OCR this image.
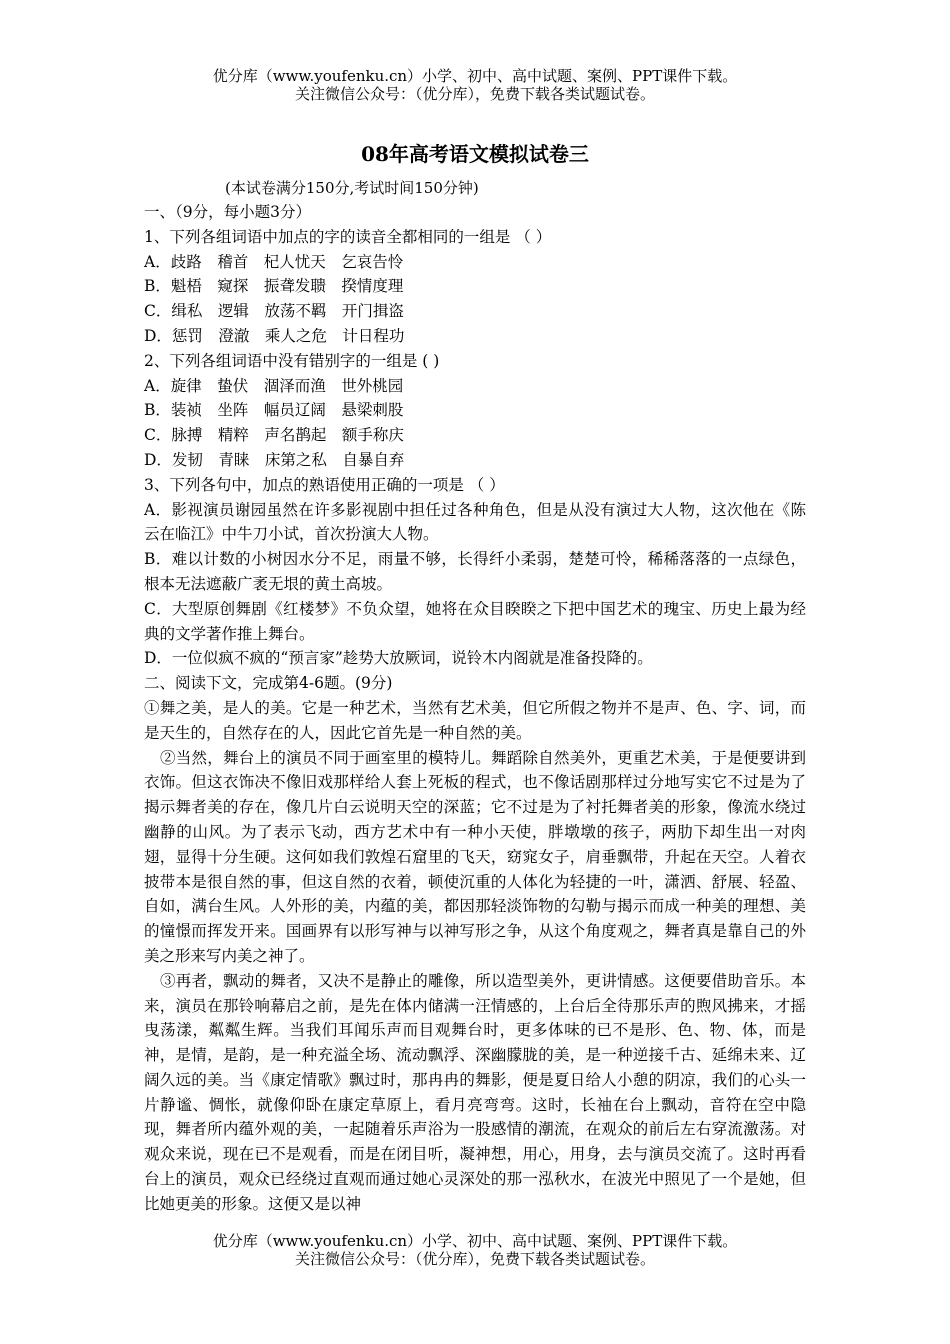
优分库（www.youfenku.cn）小学、初中、高中试题、案例、PPT课件下载。
关注微信公众号：（优分库），免费下载各类试题试卷。
08年高考语文模拟试卷三
(本试卷满分150分,考试时间150分钟)

一、（9分，每小题3分）

1、下列各组词语中加点的字的读音全都相同的一组是 （ ）

A．歧路　稽首　杞人忧天　乞哀告怜

B．魁梧　窥探　振聋发聩　揆情度理

C．缉私　逻辑　放荡不羁　开门揖盗

D．惩罚　澄澈　乘人之危　计日程功

2、下列各组词语中没有错别字的一组是 ( )

A．旋律　蛰伏　涸泽而渔　世外桃园

B．装祯　坐阵　幅员辽阔　悬梁刺股

C．脉搏　精粹　声名鹊起　额手称庆

D．发韧　青睐　床第之私　自暴自弃

3、下列各句中，加点的熟语使用正确的一项是 （ ）

A．影视演员谢园虽然在许多影视剧中担任过各种角色，但是从没有演过大人物，这次他在《陈云在临江》中牛刀小试，首次扮演大人物。

B．难以计数的小树因水分不足，雨量不够，长得纤小柔弱，楚楚可怜，稀稀落落的一点绿色，根本无法遮蔽广袤无垠的黄土高坡。

C．大型原创舞剧《红楼梦》不负众望，她将在众目睽睽之下把中国艺术的瑰宝、历史上最为经典的文学著作推上舞台。

D．一位似疯不疯的“预言家”趁势大放厥词，说铃木内阁就是准备投降的。

二、阅读下文，完成第4-6题。(9分)

①舞之美，是人的美。它是一种艺术，当然有艺术美，但它所假之物并不是声、色、字、词，而是天生的，自然存在的人，因此它首先是一种自然的美。

②当然，舞台上的演员不同于画室里的模特儿。舞蹈除自然美外，更重艺术美，于是便要讲到衣饰。但这衣饰决不像旧戏那样给人套上死板的程式，也不像话剧那样过分地写实它不过是为了揭示舞者美的存在，像几片白云说明天空的深蓝；它不过是为了衬托舞者美的形象，像流水绕过幽静的山风。为了表示飞动，西方艺术中有一种小天使，胖墩墩的孩子，两肋下却生出一对肉翅，显得十分生硬。这何如我们敦煌石窟里的飞天，窈窕女子，肩垂飘带，升起在天空。人着衣披带本是很自然的事，但这自然的衣着，顿使沉重的人体化为轻捷的一叶，潇洒、舒展、轻盈、自如，满台生风。人外形的美，内蕴的美，都因那轻淡饰物的勾勒与揭示而成一种美的理想、美的憧憬而挥发开来。国画界有以形写神与以神写形之争，从这个角度观之，舞者真是靠自己的外美之形来写内美之神了。

③再者，飘动的舞者，又决不是静止的雕像，所以造型美外，更讲情感。这便要借助音乐。本来，演员在那铃响幕启之前，是先在体内储满一汪情感的，上台后全待那乐声的煦风拂来，才摇曳荡漾，粼粼生辉。当我们耳闻乐声而目观舞台时，更多体味的已不是形、色、物、体，而是神，是情，是韵，是一种充溢全场、流动飘浮、深幽朦胧的美，是一种逆接千古、延绵未来、辽阔久远的美。当《康定情歌》飘过时，那冉冉的舞影，便是夏日给人小憩的阴凉，我们的心头一片静谧、惆怅，就像仰卧在康定草原上，看月亮弯弯。这时，长袖在台上飘动，音符在空中隐现，舞者所内蕴外观的美，一起随着乐声浴为一股感情的潮流，在观众的前后左右穿流激荡。对观众来说，现在已不是观看，而是在闭目听，凝神想，用心，用身，去与演员交流了。这时再看台上的演员，观众已经绕过直观而通过她心灵深处的那一泓秋水，在波光中照见了一个是她，但比她更美的形象。这便又是以神

优分库（www.youfenku.cn）小学、初中、高中试题、案例、PPT课件下载。
关注微信公众号：（优分库），免费下载各类试题试卷。
